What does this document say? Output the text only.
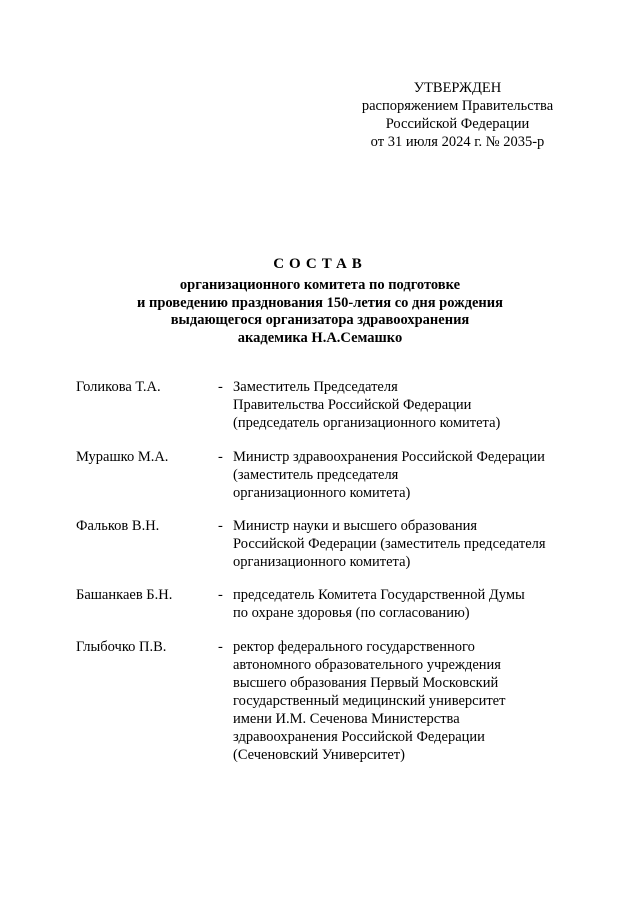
УТВЕРЖДЕН
распоряжением Правительства
Российской Федерации
от 31 июля 2024 г. № 2035-р
СОСТАВ
организационного комитета по подготовке
и проведению празднования 150-летия со дня рождения
выдающегося организатора здравоохранения
академика Н.А.Семашко
Голикова Т.А.	- Заместитель Председателя
Правительства Российской Федерации
(председатель организационного комитета)
Мурашко М.А.	- Министр здравоохранения Российской Федерации
(заместитель председателя
организационного комитета)
Фальков В.Н.	- Министр науки и высшего образования
Российской Федерации (заместитель председателя
организационного комитета)
Башанкаев Б.Н.	- председатель Комитета Государственной Думы
по охране здоровья (по согласованию)
Глыбочко П.В.	- ректор федерального государственного
автономного образовательного учреждения
высшего образования Первый Московский
государственный медицинский университет
имени И.М. Сеченова Министерства
здравоохранения Российской Федерации
(Сеченовский Университет)
